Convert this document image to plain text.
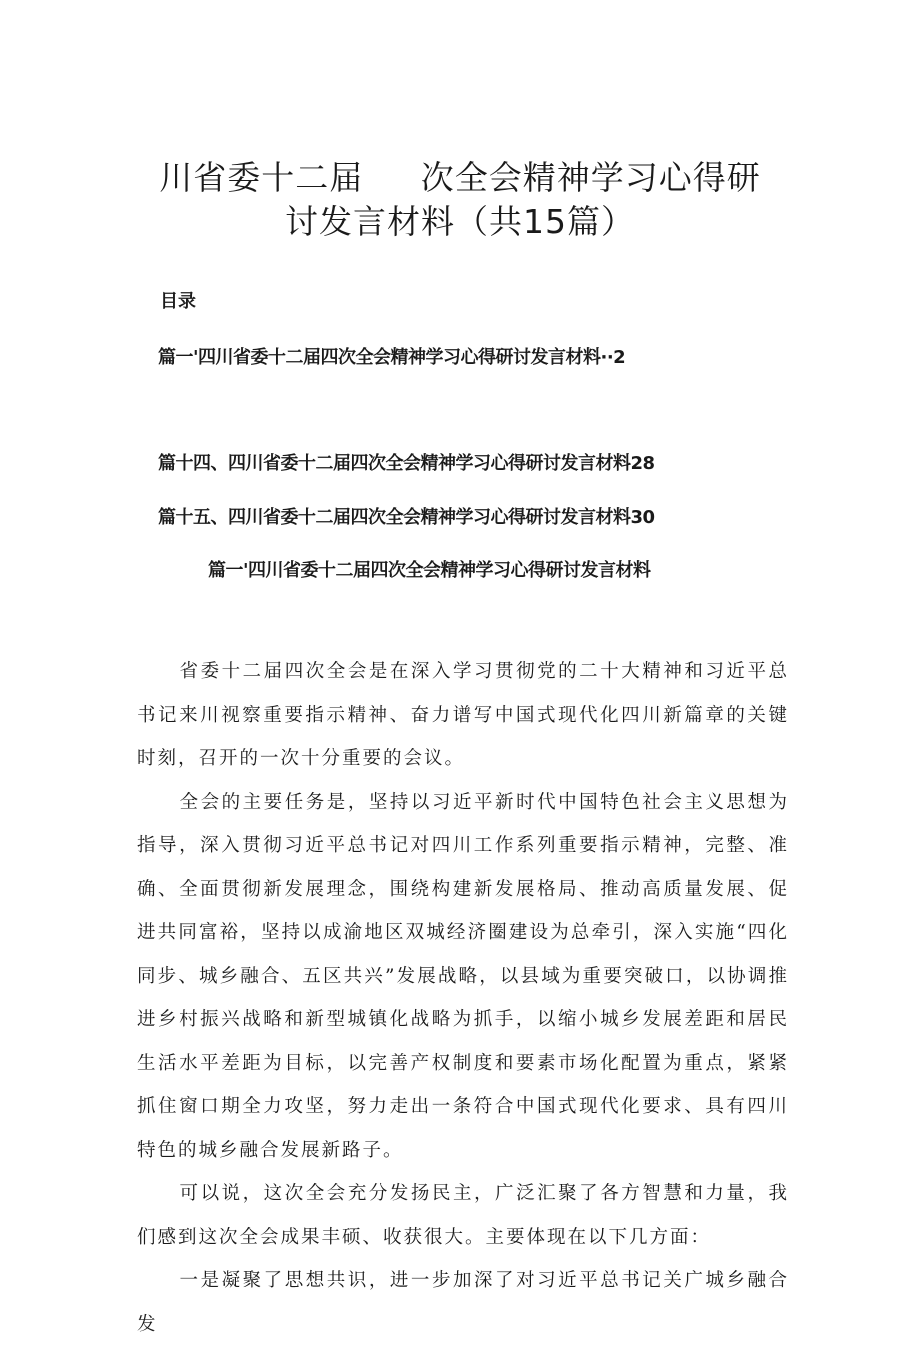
川省委十二届     次全会精神学习心得研
讨发言材料（共15篇）
目录
篇一'四川省委十二届四次全会精神学习心得研讨发言材料··2
篇十四、四川省委十二届四次全会精神学习心得研讨发言材料28
篇十五、四川省委十二届四次全会精神学习心得研讨发言材料30
篇一'四川省委十二届四次全会精神学习心得研讨发言材料

省委十二届四次全会是在深入学习贯彻党的二十大精神和习近平总书记来川视察重要指示精神、奋力谱写中国式现代化四川新篇章的关键时刻，召开的一次十分重要的会议。

全会的主要任务是，坚持以习近平新时代中国特色社会主义思想为指导，深入贯彻习近平总书记对四川工作系列重要指示精神，完整、准确、全面贯彻新发展理念，围绕构建新发展格局、推动高质量发展、促进共同富裕，坚持以成渝地区双城经济圈建设为总牵引，深入实施“四化同步、城乡融合、五区共兴”发展战略，以县域为重要突破口，以协调推进乡村振兴战略和新型城镇化战略为抓手，以缩小城乡发展差距和居民生活水平差距为目标，以完善产权制度和要素市场化配置为重点，紧紧抓住窗口期全力攻坚，努力走出一条符合中国式现代化要求、具有四川特色的城乡融合发展新路子。

可以说，这次全会充分发扬民主，广泛汇聚了各方智慧和力量，我们感到这次全会成果丰硕、收获很大。主要体现在以下几方面：

一是凝聚了思想共识，进一步加深了对习近平总书记关广城乡融合发
